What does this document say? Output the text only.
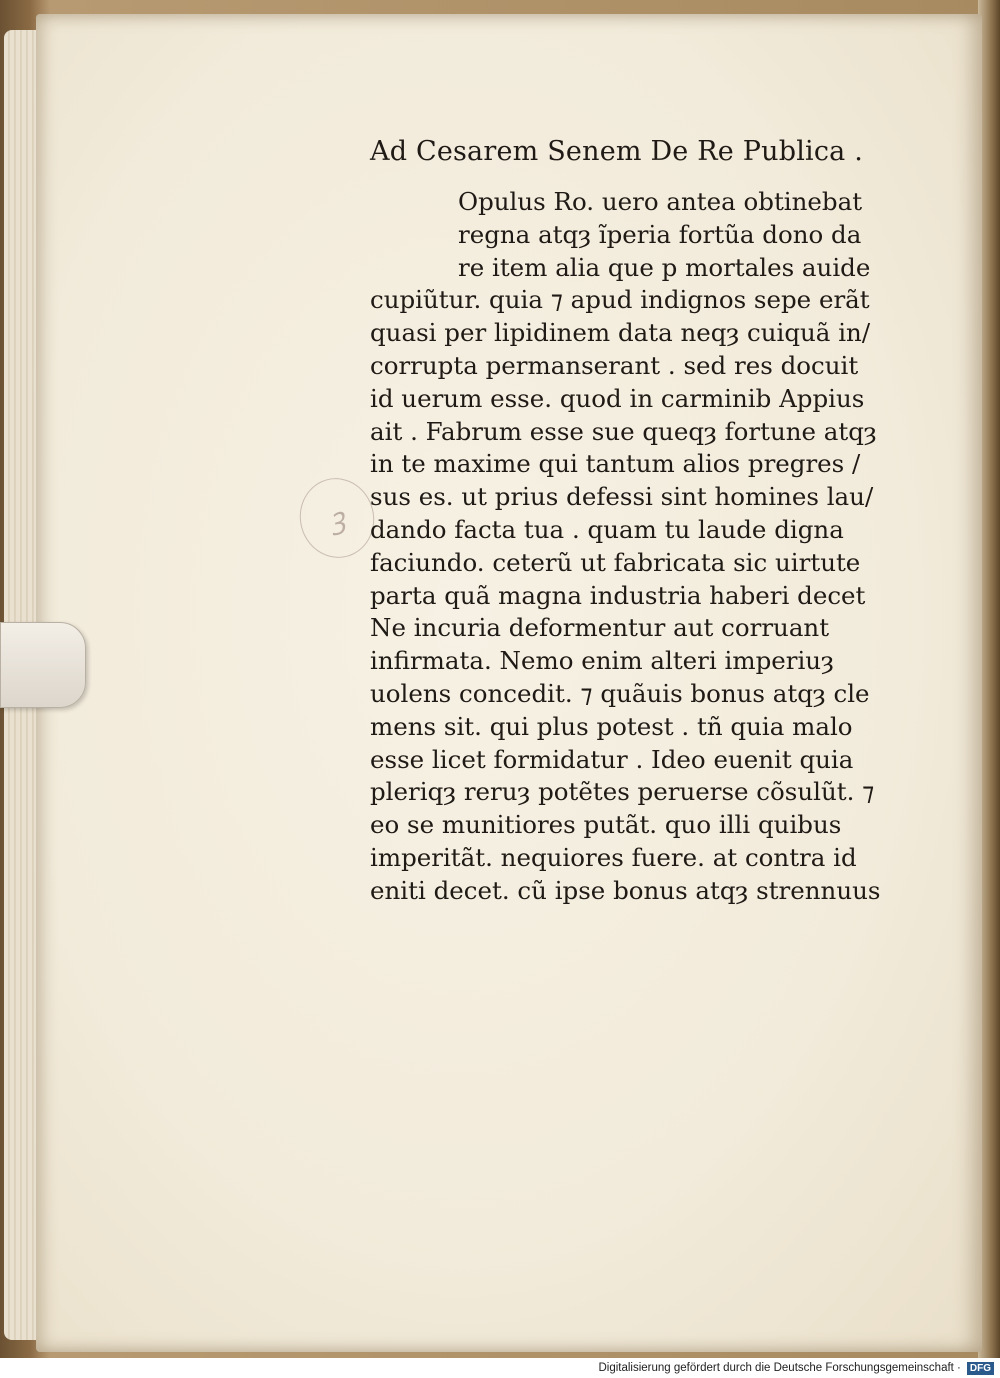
ꝫ
Ad Cesarem Senem De Re Publica .
Opulus Ro. uero antea obtinebat
regna atqȝ ĩperia fortũa dono da
re item alia que p mortales auide
cupiũtur. quia ⁊ apud indignos sepe erãt
quasi per lipidinem data neqȝ cuiquã in/
corrupta permanserant . sed res docuit
id uerum esse. quod in carminib Appius
ait . Fabrum esse sue queqȝ fortune atqȝ
in te maxime qui tantum alios pregres /
sus es. ut prius defessi sint homines lau/
dando facta tua . quam tu laude digna
faciundo. ceterũ ut fabricata sic uirtute
parta quã magna industria haberi decet
Ne incuria deformentur aut corruant
infirmata. Nemo enim alteri imperiuȝ
uolens concedit. ⁊ quãuis bonus atqȝ cle
mens sit. qui plus potest . tñ quia malo
esse licet formidatur . Ideo euenit quia
pleriqȝ reruȝ potẽtes peruerse cõsulũt. ⁊
eo se munitiores putãt. quo illi quibus
imperitãt. nequiores fuere. at contra id
eniti decet. cũ ipse bonus atqȝ strennuus
Digitalisierung gefördert durch die Deutsche Forschungsgemeinschaft · DFG
